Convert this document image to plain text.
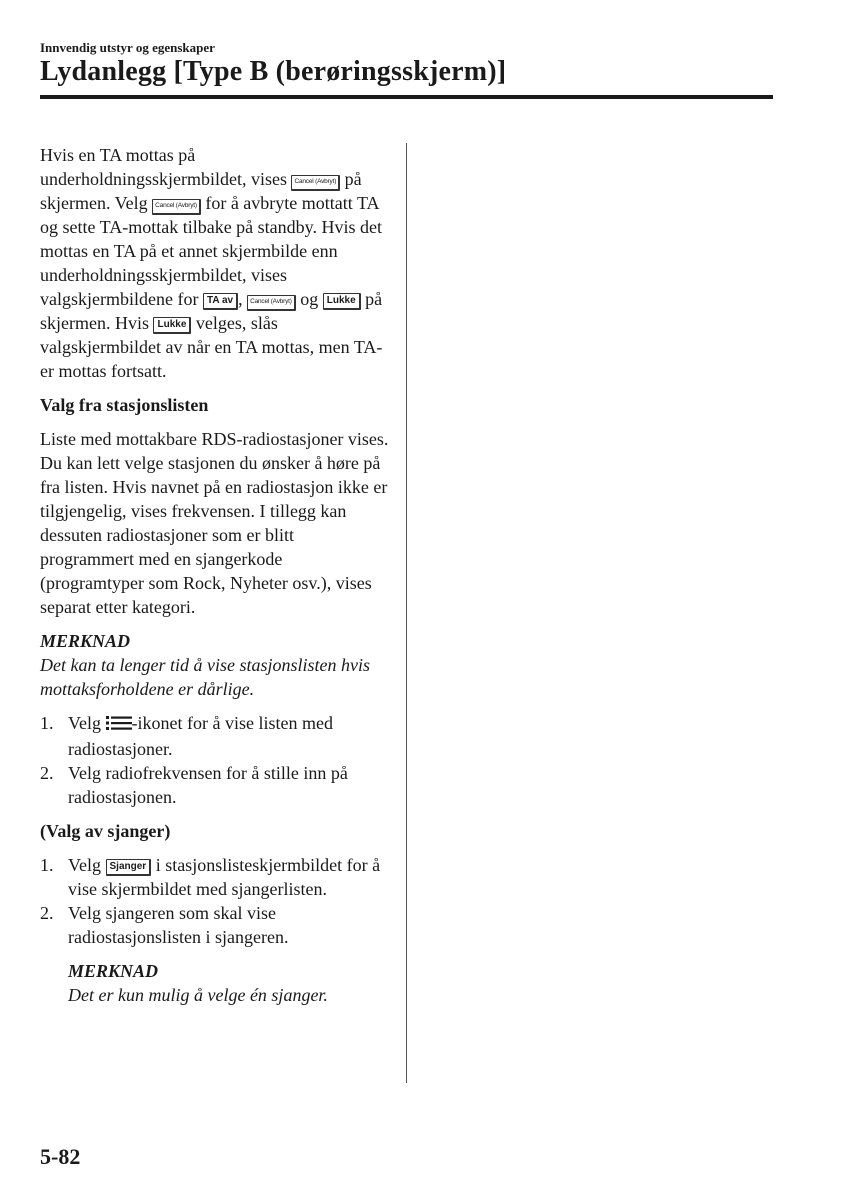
Innvendig utstyr og egenskaper
Lydanlegg [Type B (berøringsskjerm)]

Hvis en TA mottas på underholdningsskjermbildet, vises Cancel (Avbryt) på skjermen. Velg Cancel (Avbryt) for å avbryte mottatt TA og sette TA-mottak tilbake på standby. Hvis det mottas en TA på et annet skjermbilde enn underholdningsskjermbildet, vises valgskjermbildene for TA av , Cancel (Avbryt) og Lukke på skjermen. Hvis Lukke velges, slås valgskjermbildet av når en TA mottas, men TA-er mottas fortsatt.

Valg fra stasjonslisten

Liste med mottakbare RDS-radiostasjoner vises. Du kan lett velge stasjonen du ønsker å høre på fra listen. Hvis navnet på en radiostasjon ikke er tilgjengelig, vises frekvensen. I tillegg kan dessuten radiostasjoner som er blitt programmert med en sjangerkode (programtyper som Rock, Nyheter osv.), vises separat etter kategori.

MERKNAD

Det kan ta lenger tid å vise stasjonslisten hvis mottaksforholdene er dårlige.

1. Velg -ikonet for å vise listen med radiostasjoner.
2. Velg radiofrekvensen for å stille inn på radiostasjonen.

(Valg av sjanger)

1. Velg Sjanger i stasjonslisteskjermbildet for å vise skjermbildet med sjangerlisten.
2. Velg sjangeren som skal vise radiostasjonslisten i sjangeren.

MERKNAD

Det er kun mulig å velge én sjanger.

5-82
